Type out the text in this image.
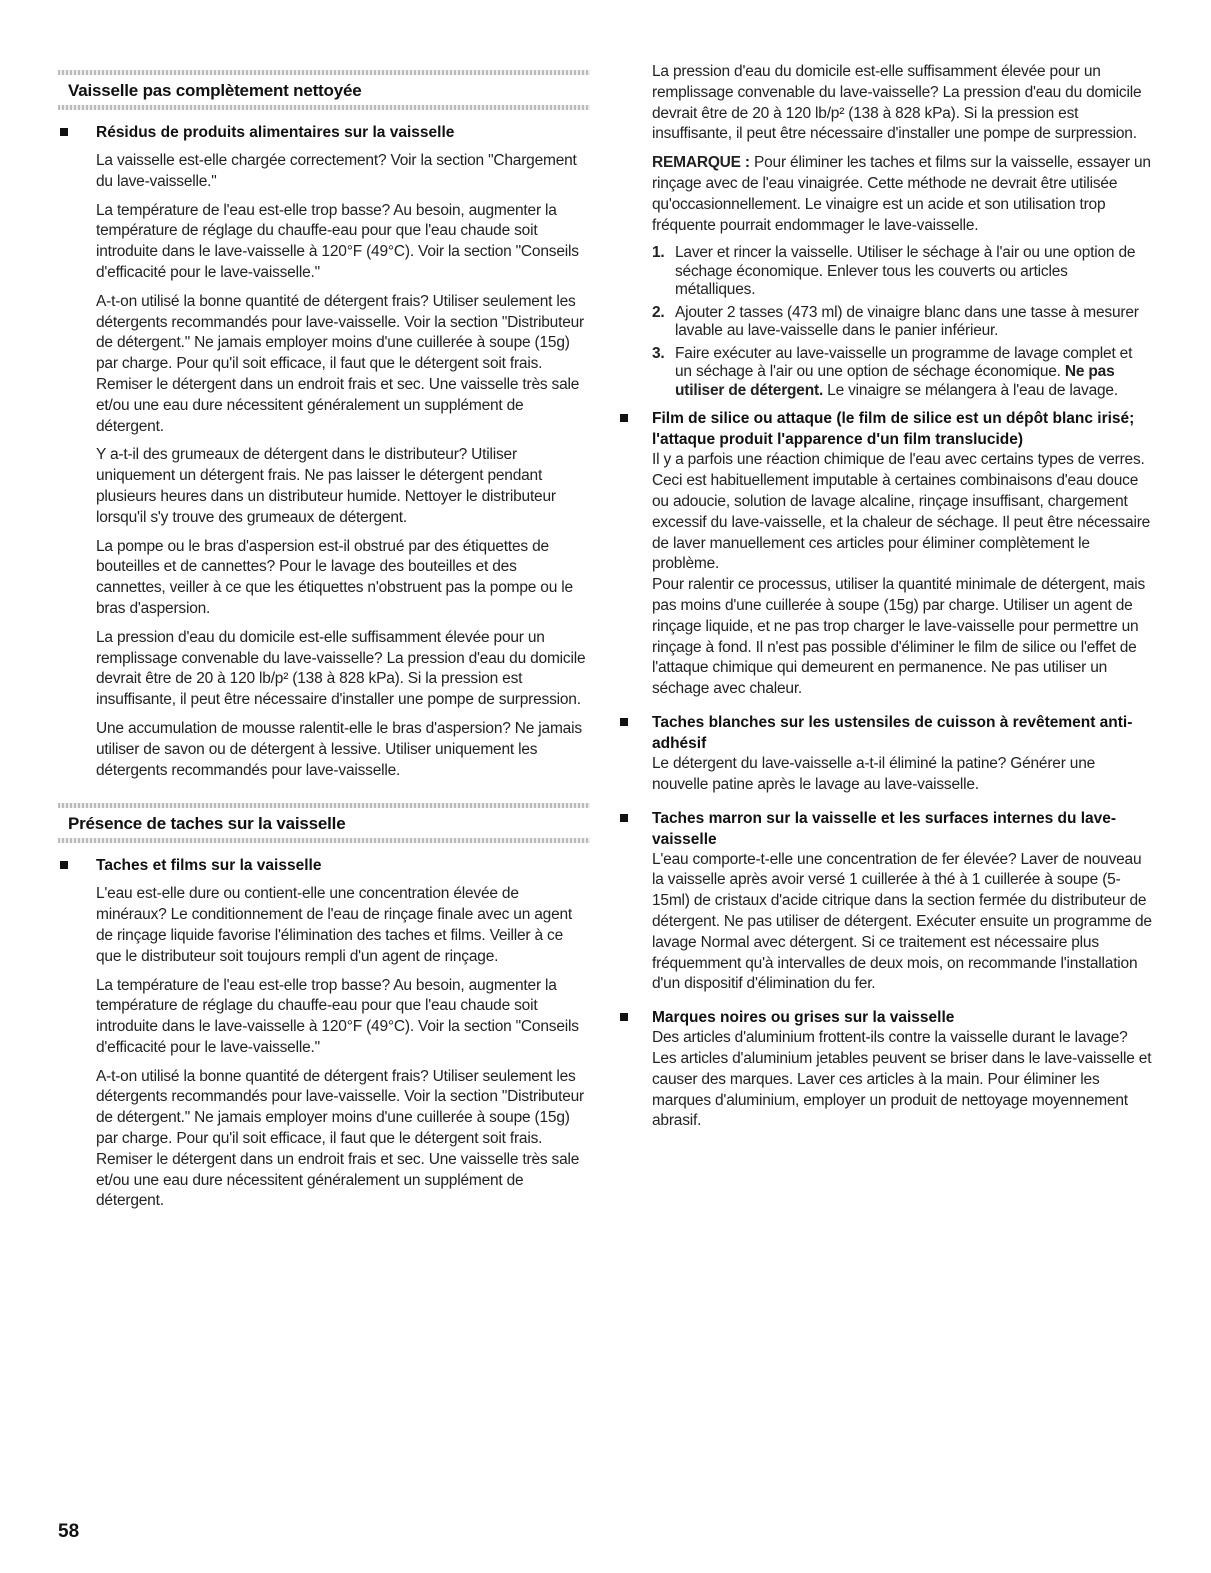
Vaisselle pas complètement nettoyée
Résidus de produits alimentaires sur la vaisselle

La vaisselle est-elle chargée correctement? Voir la section "Chargement du lave-vaisselle."

La température de l'eau est-elle trop basse? Au besoin, augmenter la température de réglage du chauffe-eau pour que l'eau chaude soit introduite dans le lave-vaisselle à 120°F (49°C). Voir la section "Conseils d'efficacité pour le lave-vaisselle."

A-t-on utilisé la bonne quantité de détergent frais? Utiliser seulement les détergents recommandés pour lave-vaisselle. Voir la section "Distributeur de détergent." Ne jamais employer moins d'une cuillerée à soupe (15g) par charge. Pour qu'il soit efficace, il faut que le détergent soit frais. Remiser le détergent dans un endroit frais et sec. Une vaisselle très sale et/ou une eau dure nécessitent généralement un supplément de détergent.

Y a-t-il des grumeaux de détergent dans le distributeur? Utiliser uniquement un détergent frais. Ne pas laisser le détergent pendant plusieurs heures dans un distributeur humide. Nettoyer le distributeur lorsqu'il s'y trouve des grumeaux de détergent.

La pompe ou le bras d'aspersion est-il obstrué par des étiquettes de bouteilles et de cannettes? Pour le lavage des bouteilles et des cannettes, veiller à ce que les étiquettes n'obstruent pas la pompe ou le bras d'aspersion.

La pression d'eau du domicile est-elle suffisamment élevée pour un remplissage convenable du lave-vaisselle? La pression d'eau du domicile devrait être de 20 à 120 lb/p² (138 à 828 kPa). Si la pression est insuffisante, il peut être nécessaire d'installer une pompe de surpression.

Une accumulation de mousse ralentit-elle le bras d'aspersion? Ne jamais utiliser de savon ou de détergent à lessive. Utiliser uniquement les détergents recommandés pour lave-vaisselle.

Présence de taches sur la vaisselle
Taches et films sur la vaisselle

L'eau est-elle dure ou contient-elle une concentration élevée de minéraux? Le conditionnement de l'eau de rinçage finale avec un agent de rinçage liquide favorise l'élimination des taches et films. Veiller à ce que le distributeur soit toujours rempli d'un agent de rinçage.

La température de l'eau est-elle trop basse? Au besoin, augmenter la température de réglage du chauffe-eau pour que l'eau chaude soit introduite dans le lave-vaisselle à 120°F (49°C). Voir la section "Conseils d'efficacité pour le lave-vaisselle."

A-t-on utilisé la bonne quantité de détergent frais? Utiliser seulement les détergents recommandés pour lave-vaisselle. Voir la section "Distributeur de détergent." Ne jamais employer moins d'une cuillerée à soupe (15g) par charge. Pour qu'il soit efficace, il faut que le détergent soit frais. Remiser le détergent dans un endroit frais et sec. Une vaisselle très sale et/ou une eau dure nécessitent généralement un supplément de détergent.

La pression d'eau du domicile est-elle suffisamment élevée pour un remplissage convenable du lave-vaisselle? La pression d'eau du domicile devrait être de 20 à 120 lb/p² (138 à 828 kPa). Si la pression est insuffisante, il peut être nécessaire d'installer une pompe de surpression.

REMARQUE : Pour éliminer les taches et films sur la vaisselle, essayer un rinçage avec de l'eau vinaigrée. Cette méthode ne devrait être utilisée qu'occasionnellement. Le vinaigre est un acide et son utilisation trop fréquente pourrait endommager le lave-vaisselle.

1. Laver et rincer la vaisselle. Utiliser le séchage à l'air ou une option de séchage économique. Enlever tous les couverts ou articles métalliques.
2. Ajouter 2 tasses (473 ml) de vinaigre blanc dans une tasse à mesurer lavable au lave-vaisselle dans le panier inférieur.
3. Faire exécuter au lave-vaisselle un programme de lavage complet et un séchage à l'air ou une option de séchage économique. Ne pas utiliser de détergent. Le vinaigre se mélangera à l'eau de lavage.
Film de silice ou attaque (le film de silice est un dépôt blanc irisé; l'attaque produit l'apparence d'un film translucide)

Il y a parfois une réaction chimique de l'eau avec certains types de verres. Ceci est habituellement imputable à certaines combinaisons d'eau douce ou adoucie, solution de lavage alcaline, rinçage insuffisant, chargement excessif du lave-vaisselle, et la chaleur de séchage. Il peut être nécessaire de laver manuellement ces articles pour éliminer complètement le problème.

Pour ralentir ce processus, utiliser la quantité minimale de détergent, mais pas moins d'une cuillerée à soupe (15g) par charge. Utiliser un agent de rinçage liquide, et ne pas trop charger le lave-vaisselle pour permettre un rinçage à fond. Il n'est pas possible d'éliminer le film de silice ou l'effet de l'attaque chimique qui demeurent en permanence. Ne pas utiliser un séchage avec chaleur.

Taches blanches sur les ustensiles de cuisson à revêtement anti-adhésif

Le détergent du lave-vaisselle a-t-il éliminé la patine? Générer une nouvelle patine après le lavage au lave-vaisselle.

Taches marron sur la vaisselle et les surfaces internes du lave-vaisselle

L'eau comporte-t-elle une concentration de fer élevée? Laver de nouveau la vaisselle après avoir versé 1 cuillerée à thé à 1 cuillerée à soupe (5-15ml) de cristaux d'acide citrique dans la section fermée du distributeur de détergent. Ne pas utiliser de détergent. Exécuter ensuite un programme de lavage Normal avec détergent. Si ce traitement est nécessaire plus fréquemment qu'à intervalles de deux mois, on recommande l'installation d'un dispositif d'élimination du fer.

Marques noires ou grises sur la vaisselle

Des articles d'aluminium frottent-ils contre la vaisselle durant le lavage? Les articles d'aluminium jetables peuvent se briser dans le lave-vaisselle et causer des marques. Laver ces articles à la main. Pour éliminer les marques d'aluminium, employer un produit de nettoyage moyennement abrasif.

58
